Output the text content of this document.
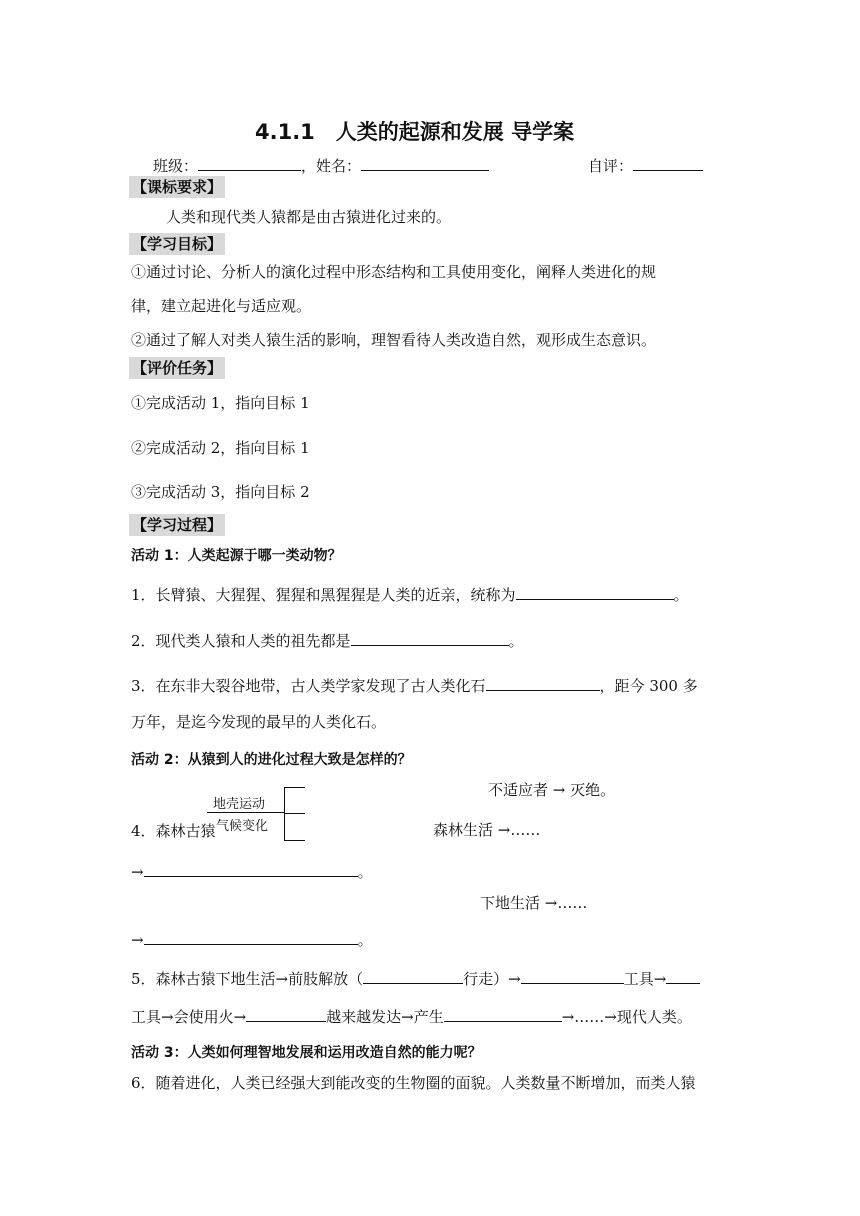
4.1.1　人类的起源和发展 导学案
班级：	，姓名：	自评：
【课标要求】
人类和现代类人猿都是由古猿进化过来的。
【学习目标】
①通过讨论、分析人的演化过程中形态结构和工具使用变化，阐释人类进化的规
律，建立起进化与适应观。
②通过了解人对类人猿生活的影响，理智看待人类改造自然，观形成生态意识。
【评价任务】
①完成活动 1，指向目标 1
②完成活动 2，指向目标 1
③完成活动 3，指向目标 2
【学习过程】
活动 1：人类起源于哪一类动物？
1．长臂猿、大猩猩、猩猩和黑猩猩是人类的近亲，统称为	。
2．现代类人猿和人类的祖先都是	。
3．在东非大裂谷地带，古人类学家发现了古人类化石	，距今 300 多
万年，是迄今发现的最早的人类化石。
活动 2：从猿到人的进化过程大致是怎样的？
不适应者 → 灭绝。
地壳运动
气候变化
4．森林古猿	森林生活 →……
→	。
下地生活 →……
→	。
5．森林古猿下地生活→前肢解放（	行走）→	工具→
工具→会使用火→	越来越发达→产生	→……→现代人类。
活动 3：人类如何理智地发展和运用改造自然的能力呢？
6．随着进化，人类已经强大到能改变的生物圈的面貌。人类数量不断增加，而类人猿
